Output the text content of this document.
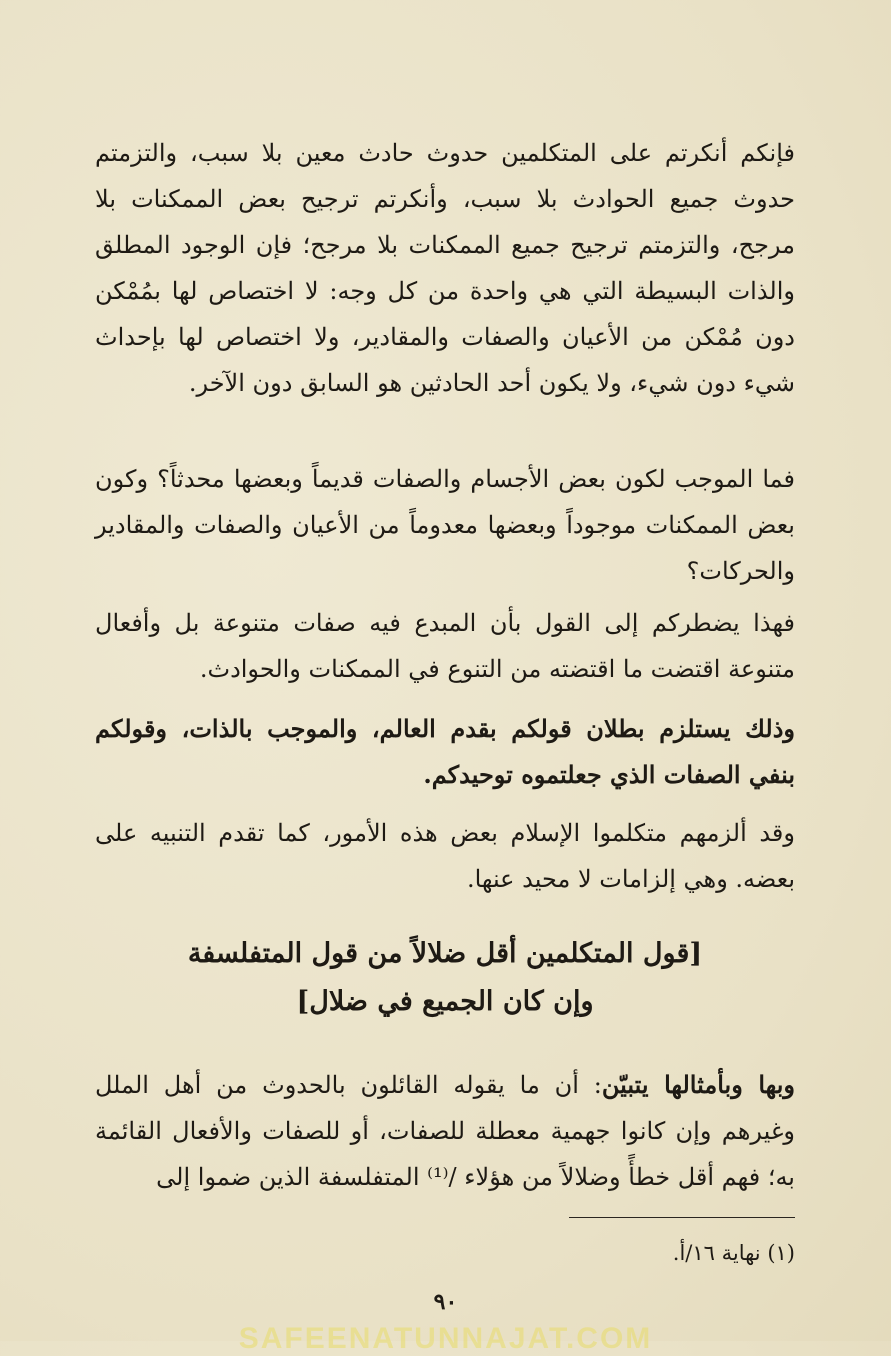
فإنكم أنكرتم على المتكلمين حدوث حادث معين بلا سبب، والتزمتم حدوث جميع الحوادث بلا سبب، وأنكرتم ترجيح بعض الممكنات بلا مرجح، والتزمتم ترجيح جميع الممكنات بلا مرجح؛ فإن الوجود المطلق والذات البسيطة التي هي واحدة من كل وجه: لا اختصاص لها بمُمْكن دون مُمْكن من الأعيان والصفات والمقادير، ولا اختصاص لها بإحداث شيء دون شيء، ولا يكون أحد الحادثين هو السابق دون الآخر.

فما الموجب لكون بعض الأجسام والصفات قديماً وبعضها محدثاً؟ وكون بعض الممكنات موجوداً وبعضها معدوماً من الأعيان والصفات والمقادير والحركات؟

فهذا يضطركم إلى القول بأن المبدع فيه صفات متنوعة بل وأفعال متنوعة اقتضت ما اقتضته من التنوع في الممكنات والحوادث.

وذلك يستلزم بطلان قولكم بقدم العالم، والموجب بالذات، وقولكم بنفي الصفات الذي جعلتموه توحيدكم.

وقد ألزمهم متكلموا الإسلام بعض هذه الأمور، كما تقدم التنبيه على بعضه. وهي إلزامات لا محيد عنها.

[قول المتكلمين أقل ضلالاً من قول المتفلسفة
وإن كان الجميع في ضلال]

وبها وبأمثالها يتبيّن: أن ما يقوله القائلون بالحدوث من أهل الملل وغيرهم وإن كانوا جهمية معطلة للصفات، أو للصفات والأفعال القائمة به؛ فهم أقل خطأً وضلالاً من هؤلاء /⁽¹⁾ المتفلسفة الذين ضموا إلى

(١) نهاية ١٦/أ.

٩٠

SAFEENATUNNAJAT.COM
